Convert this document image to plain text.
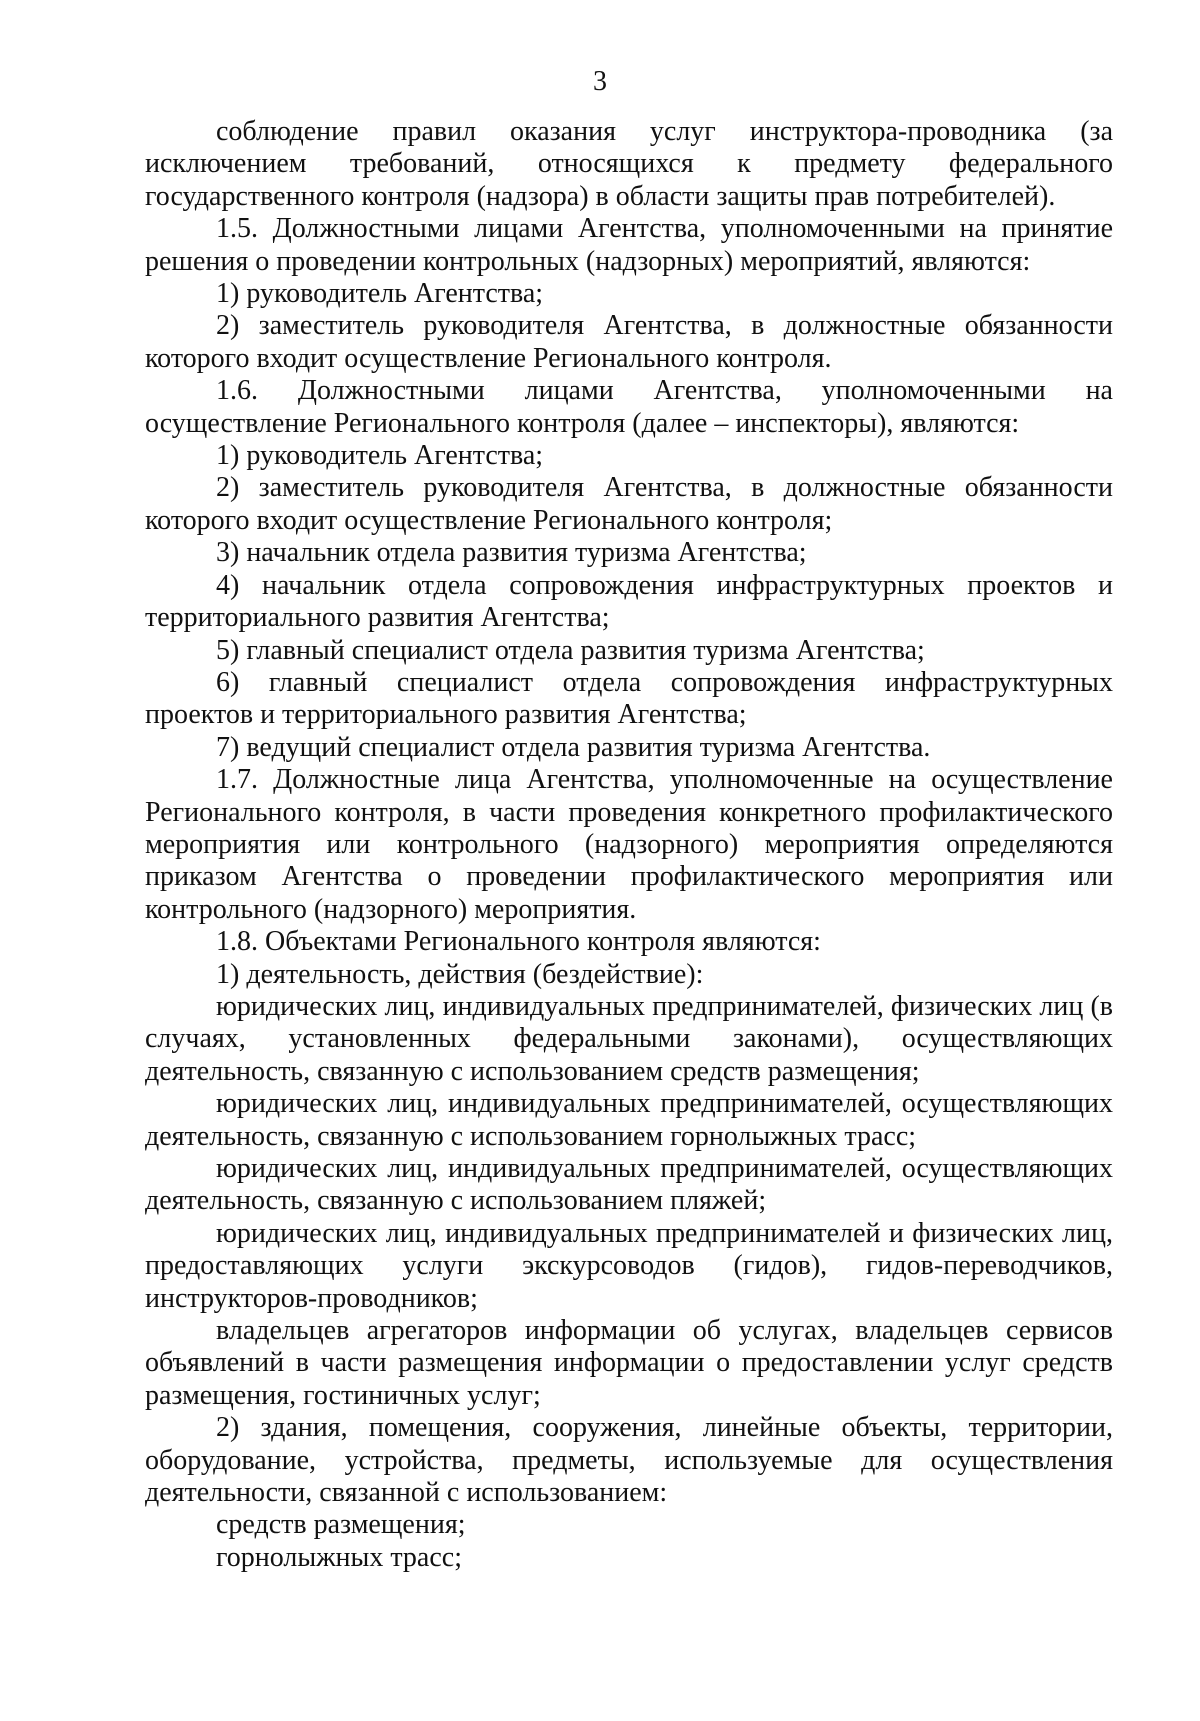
3

соблюдение правил оказания услуг инструктора-проводника (за исключением требований, относящихся к предмету федерального государственного контроля (надзора) в области защиты прав потребителей).

1.5. Должностными лицами Агентства, уполномоченными на принятие решения о проведении контрольных (надзорных) мероприятий, являются:

1) руководитель Агентства;

2) заместитель руководителя Агентства, в должностные обязанности которого входит осуществление Регионального контроля.

1.6. Должностными лицами Агентства, уполномоченными на осуществление Регионального контроля (далее – инспекторы), являются:

1) руководитель Агентства;

2) заместитель руководителя Агентства, в должностные обязанности которого входит осуществление Регионального контроля;

3) начальник отдела развития туризма Агентства;

4) начальник отдела сопровождения инфраструктурных проектов и территориального развития Агентства;

5) главный специалист отдела развития туризма Агентства;

6) главный специалист отдела сопровождения инфраструктурных проектов и территориального развития Агентства;

7) ведущий специалист отдела развития туризма Агентства.

1.7. Должностные лица Агентства, уполномоченные на осуществление Регионального контроля, в части проведения конкретного профилактического мероприятия или контрольного (надзорного) мероприятия определяются приказом Агентства о проведении профилактического мероприятия или контрольного (надзорного) мероприятия.

1.8. Объектами Регионального контроля являются:

1) деятельность, действия (бездействие):

юридических лиц, индивидуальных предпринимателей, физических лиц (в случаях, установленных федеральными законами), осуществляющих деятельность, связанную с использованием средств размещения;

юридических лиц, индивидуальных предпринимателей, осуществляющих деятельность, связанную с использованием горнолыжных трасс;

юридических лиц, индивидуальных предпринимателей, осуществляющих деятельность, связанную с использованием пляжей;

юридических лиц, индивидуальных предпринимателей и физических лиц, предоставляющих услуги экскурсоводов (гидов), гидов-переводчиков, инструкторов-проводников;

владельцев агрегаторов информации об услугах, владельцев сервисов объявлений в части размещения информации о предоставлении услуг средств размещения, гостиничных услуг;

2) здания, помещения, сооружения, линейные объекты, территории, оборудование, устройства, предметы, используемые для осуществления деятельности, связанной с использованием:

средств размещения;

горнолыжных трасс;
